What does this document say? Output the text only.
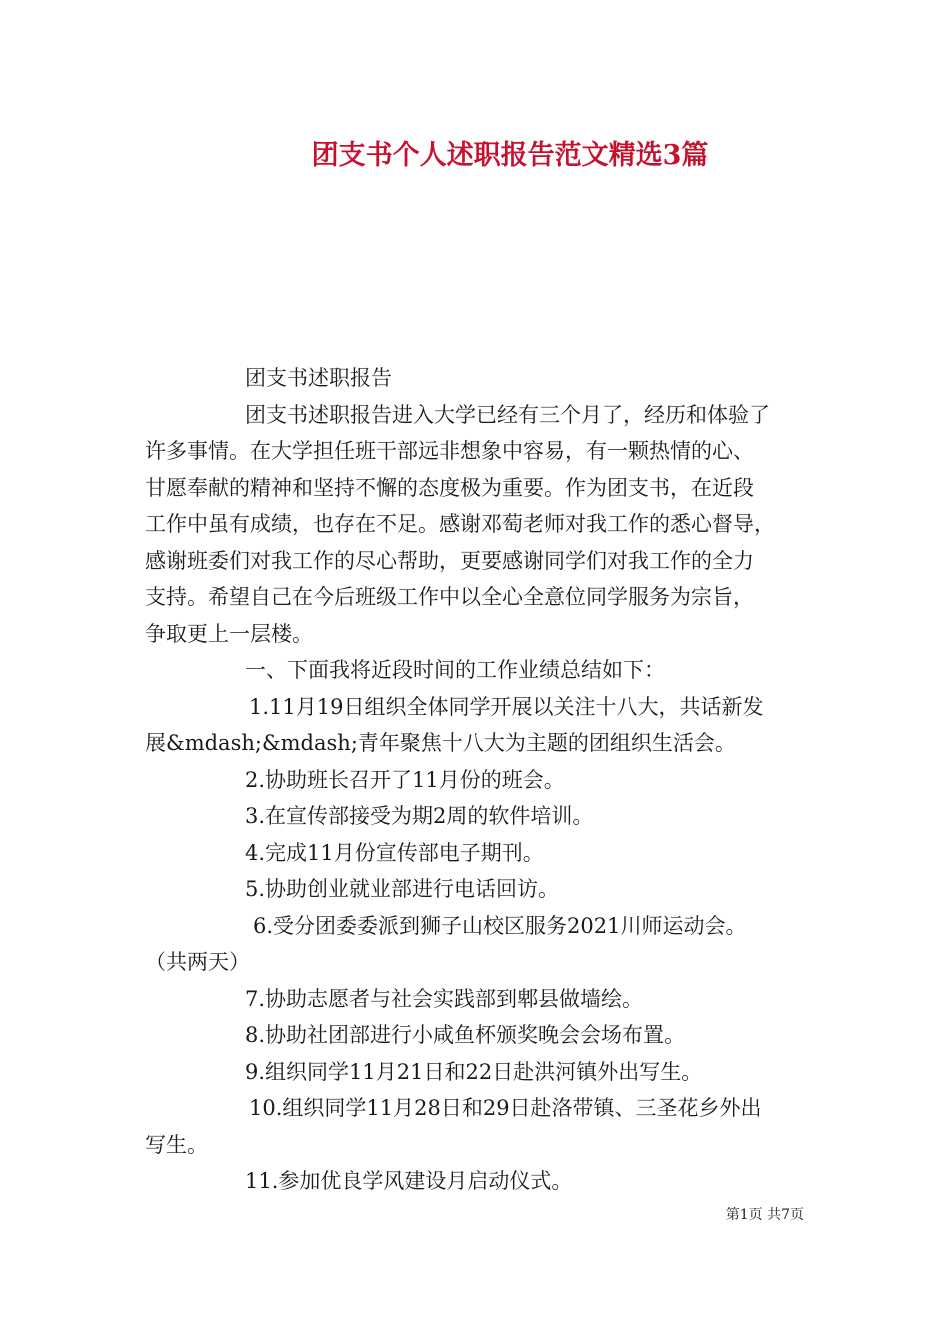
团支书个人述职报告范文精选3篇

团支书述职报告

团支书述职报告进入大学已经有三个月了，经历和体验了

许多事情。在大学担任班干部远非想象中容易，有一颗热情的心、

甘愿奉献的精神和坚持不懈的态度极为重要。作为团支书，在近段

工作中虽有成绩，也存在不足。感谢邓萄老师对我工作的悉心督导，

感谢班委们对我工作的尽心帮助，更要感谢同学们对我工作的全力

支持。希望自己在今后班级工作中以全心全意位同学服务为宗旨，

争取更上一层楼。

一、下面我将近段时间的工作业绩总结如下：

1.11月19日组织全体同学开展以关注十八大，共话新发

展&mdash;&mdash;青年聚焦十八大为主题的团组织生活会。

2.协助班长召开了11月份的班会。

3.在宣传部接受为期2周的软件培训。

4.完成11月份宣传部电子期刊。

5.协助创业就业部进行电话回访。

6.受分团委委派到狮子山校区服务2021川师运动会。

（共两天）

7.协助志愿者与社会实践部到郫县做墙绘。

8.协助社团部进行小咸鱼杯颁奖晚会会场布置。

9.组织同学11月21日和22日赴洪河镇外出写生。

10.组织同学11月28日和29日赴洛带镇、三圣花乡外出

写生。

11.参加优良学风建设月启动仪式。

第1页 共7页
